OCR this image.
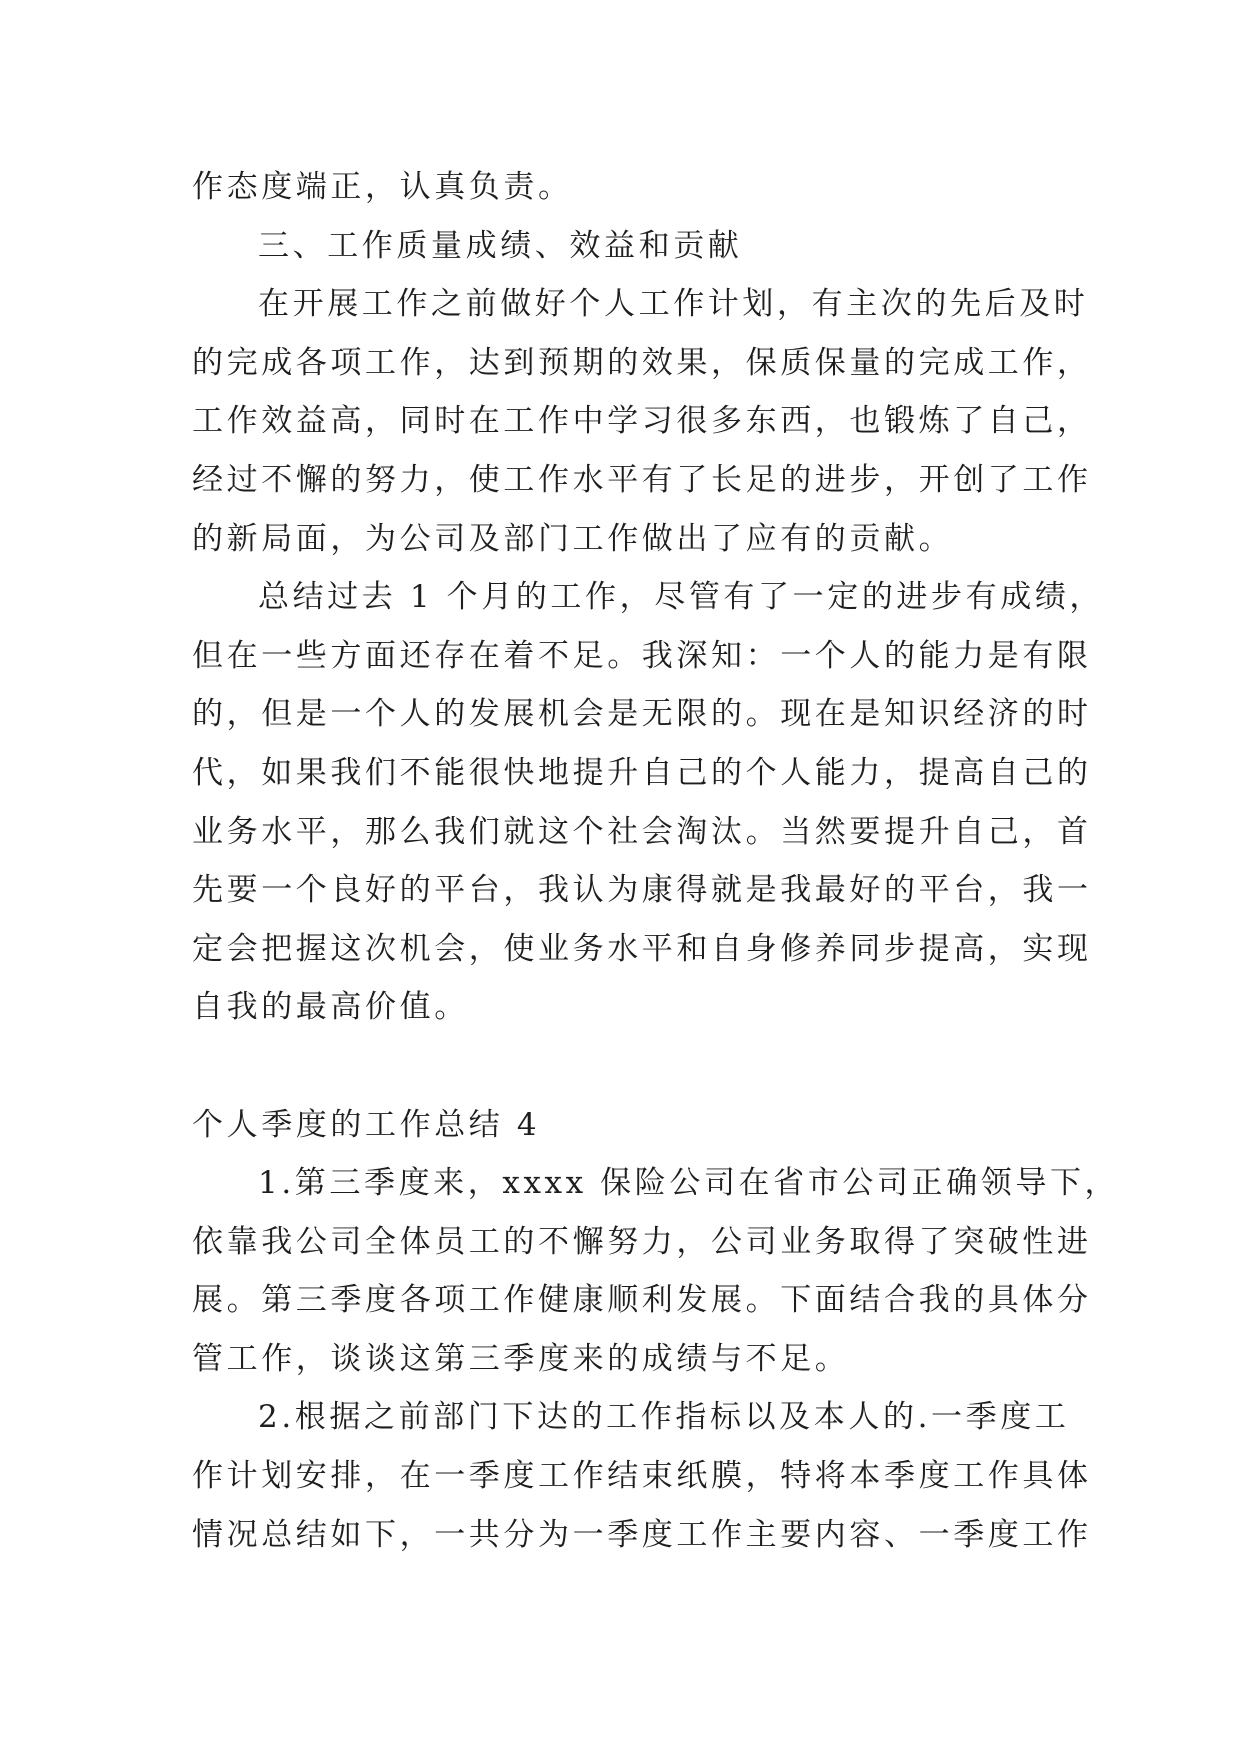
作态度端正，认真负责。
三、工作质量成绩、效益和贡献
在开展工作之前做好个人工作计划，有主次的先后及时
的完成各项工作，达到预期的效果，保质保量的完成工作，
工作效益高，同时在工作中学习很多东西，也锻炼了自己，
经过不懈的努力，使工作水平有了长足的进步，开创了工作
的新局面，为公司及部门工作做出了应有的贡献。
总结过去 1 个月的工作，尽管有了一定的进步有成绩，
但在一些方面还存在着不足。我深知：一个人的能力是有限
的，但是一个人的发展机会是无限的。现在是知识经济的时
代，如果我们不能很快地提升自己的个人能力，提高自己的
业务水平，那么我们就这个社会淘汰。当然要提升自己，首
先要一个良好的平台，我认为康得就是我最好的平台，我一
定会把握这次机会，使业务水平和自身修养同步提高，实现
自我的最高价值。
个人季度的工作总结 4
1.第三季度来，xxxx 保险公司在省市公司正确领导下，
依靠我公司全体员工的不懈努力，公司业务取得了突破性进
展。第三季度各项工作健康顺利发展。下面结合我的具体分
管工作，谈谈这第三季度来的成绩与不足。
2.根据之前部门下达的工作指标以及本人的.一季度工
作计划安排，在一季度工作结束纸膜，特将本季度工作具体
情况总结如下，一共分为一季度工作主要内容、一季度工作
